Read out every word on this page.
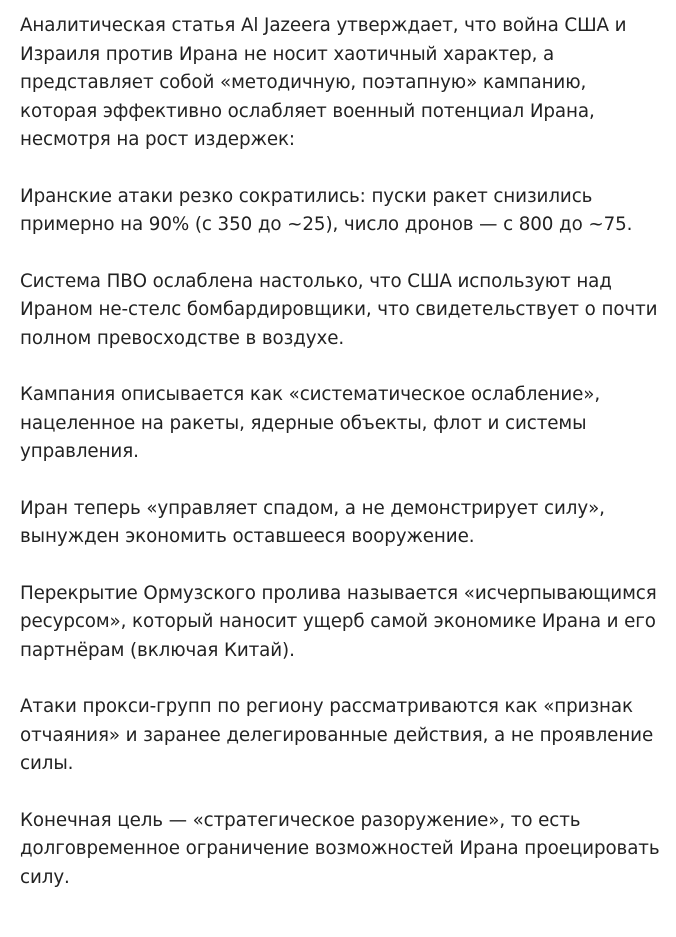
Аналитическая статья Al Jazeera утверждает, что война США и Израиля против Ирана не носит хаотичный характер, а представляет собой «методичную, поэтапную» кампанию, которая эффективно ослабляет военный потенциал Ирана, несмотря на рост издержек:

Иранские атаки резко сократились: пуски ракет снизились примерно на 90% (с 350 до ~25), число дронов — с 800 до ~75.

Система ПВО ослаблена настолько, что США используют над Ираном не-стелс бомбардировщики, что свидетельствует о почти полном превосходстве в воздухе.

Кампания описывается как «систематическое ослабление», нацеленное на ракеты, ядерные объекты, флот и системы управления.

Иран теперь «управляет спадом, а не демонстрирует силу», вынужден экономить оставшееся вооружение.

Перекрытие Ормузского пролива называется «исчерпывающимся ресурсом», который наносит ущерб самой экономике Ирана и его партнёрам (включая Китай).

Атаки прокси-групп по региону рассматриваются как «признак отчаяния» и заранее делегированные действия, а не проявление силы.

Конечная цель — «стратегическое разоружение», то есть долговременное ограничение возможностей Ирана проецировать силу.
